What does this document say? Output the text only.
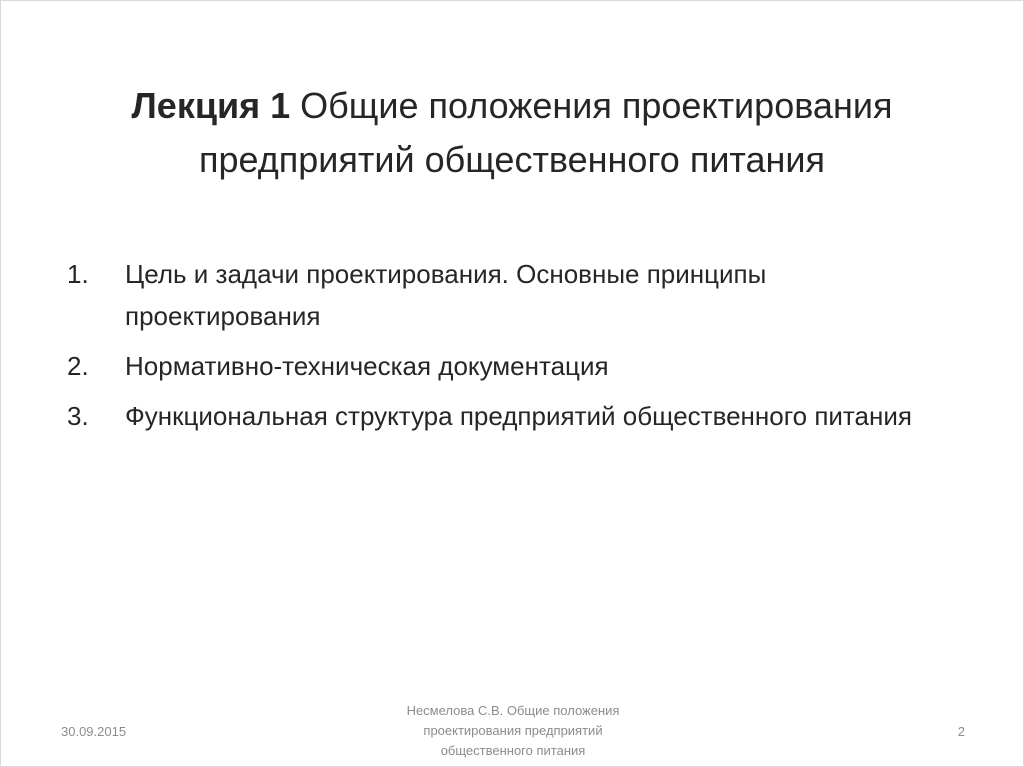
Лекция 1 Общие положения проектирования предприятий общественного питания
1.	Цель и задачи проектирования. Основные принципы проектирования
2.	Нормативно-техническая документация
3.	Функциональная структура предприятий общественного питания
30.09.2015
Несмелова С.В. Общие положения
проектирования предприятий
общественного питания
2
